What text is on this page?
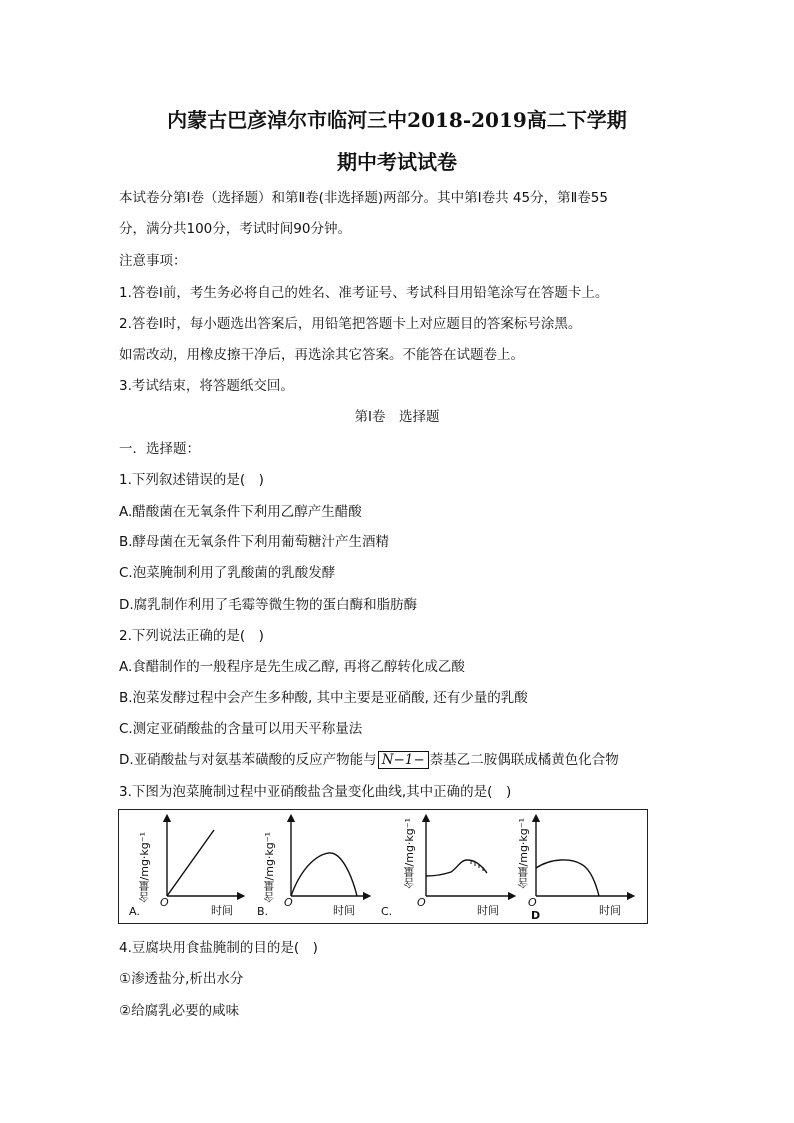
内蒙古巴彦淖尔市临河三中2018-2019高二下学期
期中考试试卷
本试卷分第Ⅰ卷（选择题）和第Ⅱ卷(非选择题)两部分。其中第Ⅰ卷共 45分，第Ⅱ卷55
分，满分共100分，考试时间90分钟。
注意事项：
1.答卷Ⅰ前，考生务必将自己的姓名、准考证号、考试科目用铅笔涂写在答题卡上。
2.答卷Ⅰ时，每小题选出答案后，用铅笔把答题卡上对应题目的答案标号涂黑。
如需改动，用橡皮擦干净后，再选涂其它答案。不能答在试题卷上。
3.考试结束，将答题纸交回。
第Ⅰ卷　选择题
一．选择题：
1.下列叙述错误的是(　)
A.醋酸菌在无氧条件下利用乙醇产生醋酸
B.酵母菌在无氧条件下利用葡萄糖汁产生酒精
C.泡菜腌制利用了乳酸菌的乳酸发酵
D.腐乳制作利用了毛霉等微生物的蛋白酶和脂肪酶
2.下列说法正确的是(　)
A.食醋制作的一般程序是先生成乙醇, 再将乙醇转化成乙酸
B.泡菜发酵过程中会产生多种酸, 其中主要是亚硝酸, 还有少量的乳酸
C.测定亚硝酸盐的含量可以用天平称量法
D.亚硝酸盐与对氨基苯磺酸的反应产物能与 N−1− 萘基乙二胺偶联成橘黄色化合物
3.下图为泡菜腌制过程中亚硝酸盐含量变化曲线,其中正确的是(　)
含量/mg·kg⁻¹
O
时间
A.
含量/mg·kg⁻¹
O
时间
B.
含量/mg·kg⁻¹
O
时间
C.
含量/mg·kg⁻¹
O
时间
D
4.豆腐块用食盐腌制的目的是(　)
①渗透盐分,析出水分
②给腐乳必要的咸味
